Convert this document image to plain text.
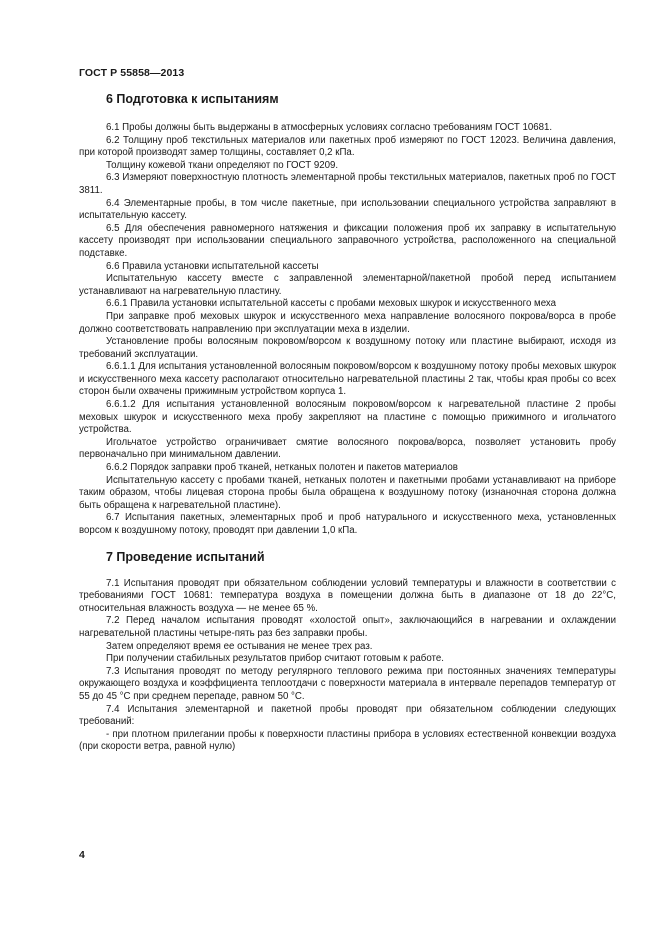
ГОСТ Р 55858—2013
6 Подготовка к испытаниям

6.1 Пробы должны быть выдержаны в атмосферных условиях согласно требованиям ГОСТ 10681.

6.2 Толщину проб текстильных материалов или пакетных проб измеряют по ГОСТ 12023. Величина давления, при которой производят замер толщины, составляет 0,2 кПа.

Толщину кожевой ткани определяют по ГОСТ 9209.

6.3 Измеряют поверхностную плотность элементарной пробы текстильных материалов, пакетных проб по ГОСТ 3811.

6.4 Элементарные пробы, в том числе пакетные, при использовании специального устройства заправляют в испытательную кассету.

6.5 Для обеспечения равномерного натяжения и фиксации положения проб их заправку в испытательную кассету производят при использовании специального заправочного устройства, расположенного на специальной подставке.

6.6 Правила установки испытательной кассеты

Испытательную кассету вместе с заправленной элементарной/пакетной пробой перед испытанием устанавливают на нагревательную пластину.

6.6.1 Правила установки испытательной кассеты с пробами меховых шкурок и искусственного меха

При заправке проб меховых шкурок и искусственного меха направление волосяного покрова/ворса в пробе должно соответствовать направлению при эксплуатации меха в изделии.

Установление пробы волосяным покровом/ворсом к воздушному потоку или пластине выбирают, исходя из требований эксплуатации.

6.6.1.1 Для испытания установленной волосяным покровом/ворсом к воздушному потоку пробы меховых шкурок и искусственного меха кассету располагают относительно нагревательной пластины 2 так, чтобы края пробы со всех сторон были охвачены прижимным устройством корпуса 1.

6.6.1.2 Для испытания установленной волосяным покровом/ворсом к нагревательной пластине 2 пробы меховых шкурок и искусственного меха пробу закрепляют на пластине с помощью прижимного и игольчатого устройства.

Игольчатое устройство ограничивает смятие волосяного покрова/ворса, позволяет установить пробу первоначально при минимальном давлении.

6.6.2 Порядок заправки проб тканей, нетканых полотен и пакетов материалов

Испытательную кассету с пробами тканей, нетканых полотен и пакетными пробами устанавливают на приборе таким образом, чтобы лицевая сторона пробы была обращена к воздушному потоку (изнаночная сторона должна быть обращена к нагревательной пластине).

6.7 Испытания пакетных, элементарных проб и проб натурального и искусственного меха, установленных ворсом к воздушному потоку, проводят при давлении 1,0 кПа.

7 Проведение испытаний

7.1 Испытания проводят при обязательном соблюдении условий температуры и влажности в соответствии с требованиями ГОСТ 10681: температура воздуха в помещении должна быть в диапазоне от 18 до 22°С, относительная влажность воздуха — не менее 65 %.

7.2 Перед началом испытания проводят «холостой опыт», заключающийся в нагревании и охлаждении нагревательной пластины четыре-пять раз без заправки пробы.

Затем определяют время ее остывания не менее трех раз.

При получении стабильных результатов прибор считают готовым к работе.

7.3 Испытания проводят по методу регулярного теплового режима при постоянных значениях температуры окружающего воздуха и коэффициента теплоотдачи с поверхности материала в интервале перепадов температур от 55 до 45 °С при среднем перепаде, равном 50 °С.

7.4 Испытания элементарной и пакетной пробы проводят при обязательном соблюдении следующих требований:

- при плотном прилегании пробы к поверхности пластины прибора в условиях естественной конвекции воздуха (при скорости ветра, равной нулю)

4
